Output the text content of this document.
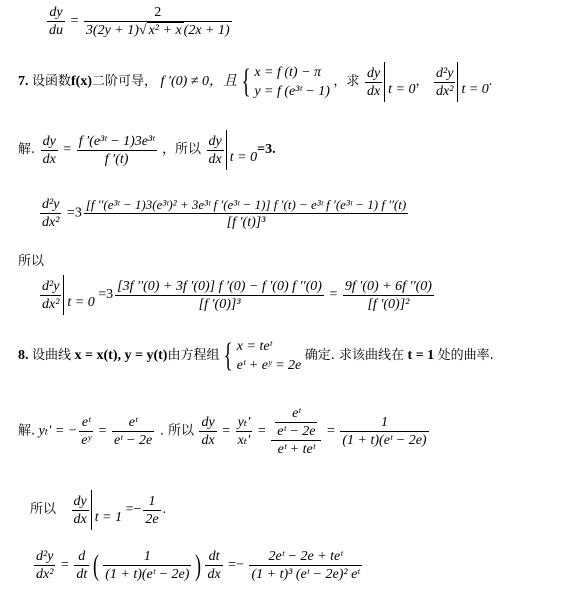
$\frac{dy}{du} = \frac{2}{\text{3(2y + 1)√ x² + x (2x + 1)}}$
7. 设函数f(x)二阶可导， f ′(0) ≠ 0，且 { x = f (t) − π
y = f (e³ᵗ − 1)
，求 $\frac{dy}{dx}$ t = 0， $\frac{\text{d²y}}{\text{dx²}}$ t = 0.
解. $\frac{dy}{dx} = \frac{\text{f ′(e³ᵗ − 1)3e³ᵗ}}{f '(t)}$ ，所以 $\frac{dy}{dx}$ t = 0=3.
$\frac{\text{d²y}}{\text{dx²}} =3$
[f ′′(e³ᵗ − 1)3(e³ᵗ)² + 3e³ᵗ f ′(e³ᵗ − 1)] f ′(t) − e³ᵗ f ′(e³ᵗ − 1) f ′′(t)
[f ′(t)]³
所以
$\frac{\text{d²y}}{\text{dx²}}$ $t = 0 =3 \frac{[3f ''(0) + 3f '(0)] f '(0) - f '(0) f ''(0)}{\text{[f ′(0)]³}} = \frac{9f '(0) + 6f ''(0)}{\text{[f ′(0)]²}}$
8. 设曲线 x = x(t), y = y(t)由方程组 { x = teᵗ
eᵗ + eʸ = 2e
确定. 求该曲线在 t = 1 处的曲率.
解. yₜ′ = − $\frac{\text{eᵗ}}{\text{eʸ}} = \frac{\text{eᵗ}}{\text{eᵗ − 2e}}$ . 所以 $\frac{dy}{dx} = \frac{\text{yₜ′}}{\text{xₜ′}} = \frac{\frac{\text{eᵗ}}{\text{eᵗ − 2e}}}{\text{eᵗ + teᵗ}} = \frac{1}{\text{(1 + t)(eᵗ − 2e)}}$
所以 $\frac{dy}{dx}$ $t = 1 =- \frac{1}{2e}$ .
$\frac{\text{d²y}}{\text{dx²}} = \frac{d}{dt}$ ( $\frac{1}{\text{(1 + t)(eᵗ − 2e)}}$ ) $\frac{dt}{dx} =- \frac{\text{2eᵗ − 2e + teᵗ}}{\text{(1 + t)³ (eᵗ − 2e)² eᵗ}}$
